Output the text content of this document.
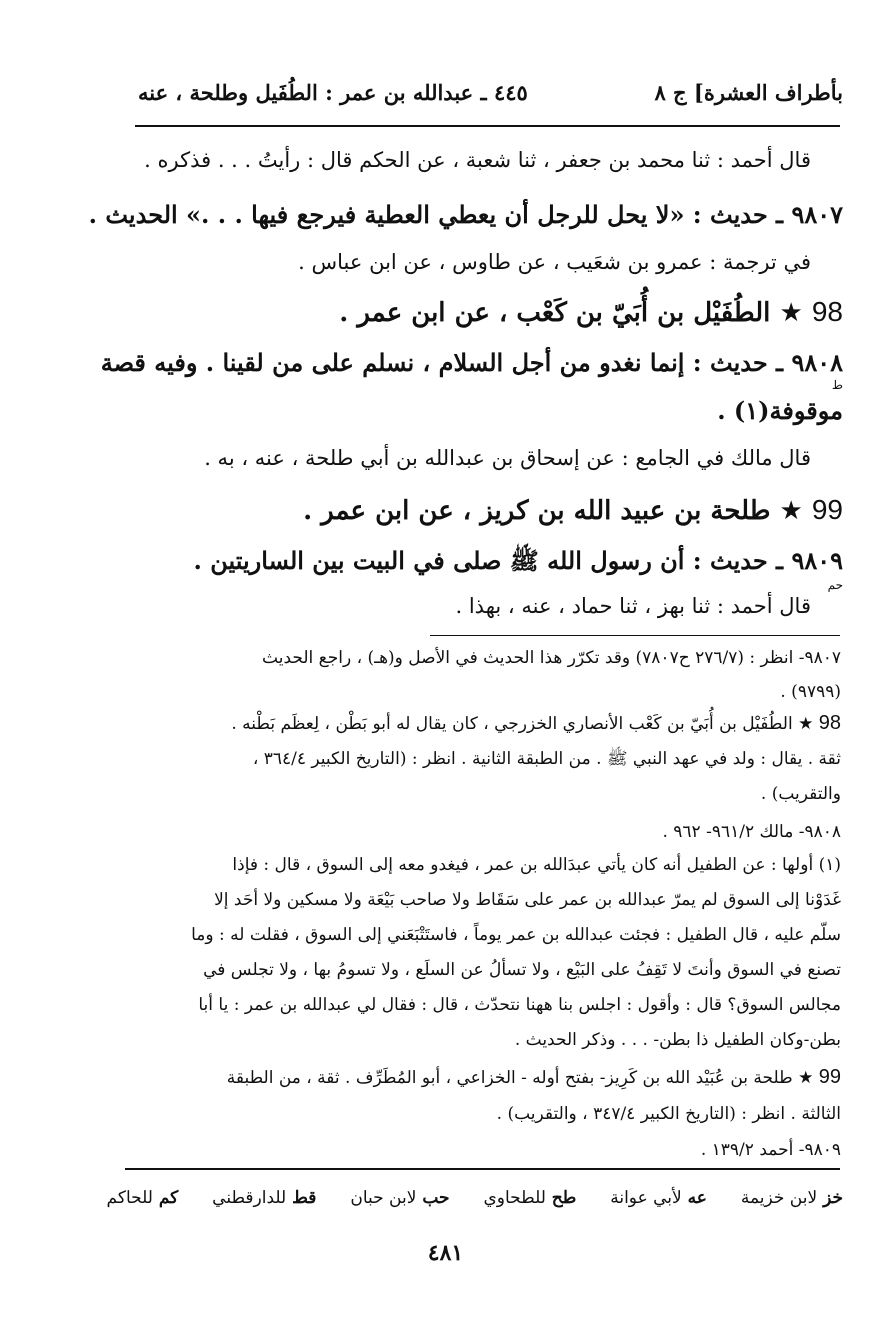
بأطراف العشرة] ج ٨
٤٤٥ ـ عبدالله بن عمر : الطُفَيل وطلحة ، عنه
قال أحمد : ثنا محمد بن جعفر ، ثنا شعبة ، عن الحكم قال : رأيتُ . . . فذكره .
٩٨٠٧ ـ حديث : «لا يحل للرجل أن يعطي العطية فيرجع فيها . . .» الحديث .
في ترجمة : عمرو بن شعَيب ، عن طاوس ، عن ابن عباس .
98 ★ الطُفَيْل بن أُبَيّ بن كَعْب ، عن ابن عمر .
٩٨٠٨ ـ حديث : إنما نغدو من أجل السلام ، نسلم على من لقينا . وفيه قصة
ط
موقوفة(١) .
قال مالك في الجامع : عن إسحاق بن عبدالله بن أبي طلحة ، عنه ، به .
99 ★ طلحة بن عبيد الله بن كريز ، عن ابن عمر .
٩٨٠٩ ـ حديث : أن رسول الله ﷺ صلى في البيت بين الساريتين .
حم
قال أحمد : ثنا بهز ، ثنا حماد ، عنه ، بهذا .
٩٨٠٧- انظر : (٢٧٦/٧ ح٧٨٠٧) وقد تكرّر هذا الحديث في الأصل و(هـ) ، راجع الحديث
(٩٧٩٩) .
98 ★ الطُفَيْل بن أُبَيّ بن كَعْب الأنصاري الخزرجي ، كان يقال له أبو بَطْن ، لِعظَم بَطْنه .
ثقة . يقال : ولد في عهد النبي ﷺ . من الطبقة الثانية . انظر : (التاريخ الكبير ٣٦٤/٤ ،
والتقريب) .
٩٨٠٨- مالك ٩٦١/٢- ٩٦٢ .
(١) أولها : عن الطفيل أنه كان يأتي عبدَالله بن عمر ، فيغدو معه إلى السوق ، قال : فإذا
غَدَوْنا إلى السوق لم يمرّ عبدالله بن عمر على سَقَاط ولا صاحب بَيْعَة ولا مسكين ولا أحَد إلا
سلّم عليه ، قال الطفيل : فجئت عبدالله بن عمر يوماً ، فاستَتْبَعَني إلى السوق ، فقلت له : وما
تصنع في السوق وأنتَ لا تَقِفُ على البَيْع ، ولا تسألُ عن السلَع ، ولا تسومُ بها ، ولا تجلس في
مجالس السوق؟ قال : وأقول : اجلس بنا ههنا نتحدّث ، قال : فقال لي عبدالله بن عمر : يا أبا
بطن-وكان الطفيل ذا بطن- . . . وذكر الحديث .
99 ★ طلحة بن عُبَيْد الله بن كَرِيز- بفتح أوله - الخزاعي ، أبو المُطَرِّف . ثقة ، من الطبقة
الثالثة . انظر : (التاريخ الكبير ٣٤٧/٤ ، والتقريب) .
٩٨٠٩- أحمد ١٣٩/٢ .
خز لابن خزيمة عه لأبي عوانة طح للطحاوي حب لابن حبان قط للدارقطني كم للحاكم
٤٨١
